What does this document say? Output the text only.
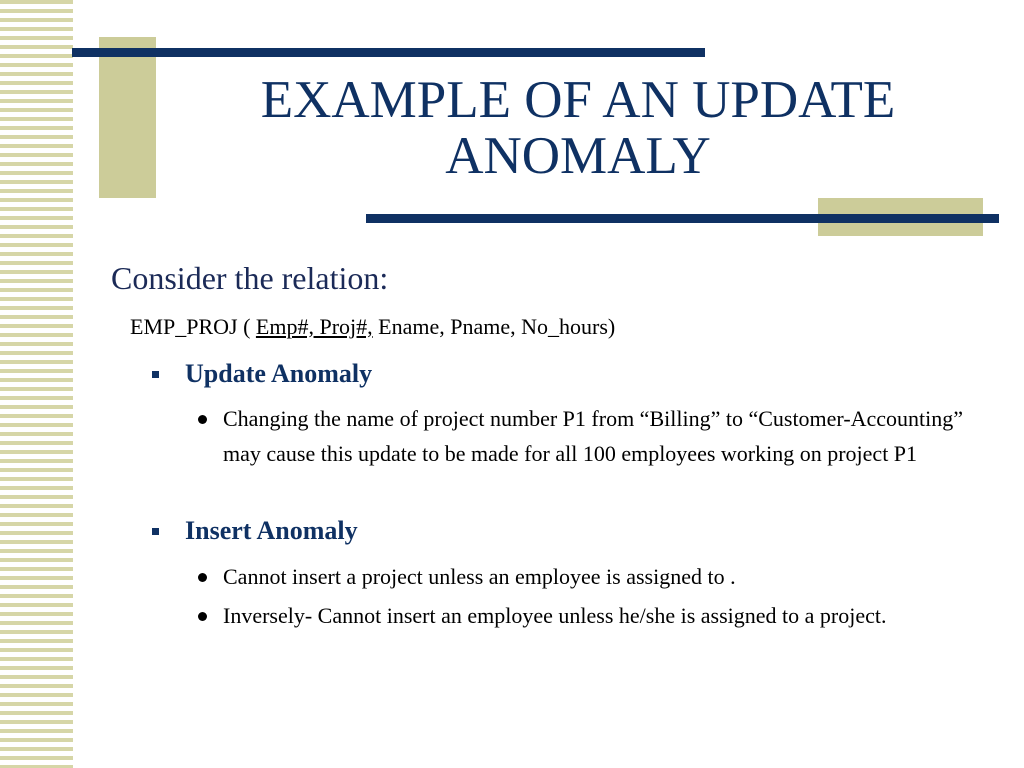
EXAMPLE OF AN UPDATE
ANOMALY
Consider the relation:
EMP_PROJ ( Emp#, Proj#, Ename, Pname, No_hours)
Update Anomaly
Changing the name of project number P1 from “Billing” to “Customer-Accounting” may cause this update to be made for all 100 employees working on project P1
Insert Anomaly
Cannot insert a project unless an employee is assigned to .
Inversely- Cannot insert an employee unless he/she is assigned to a project.
